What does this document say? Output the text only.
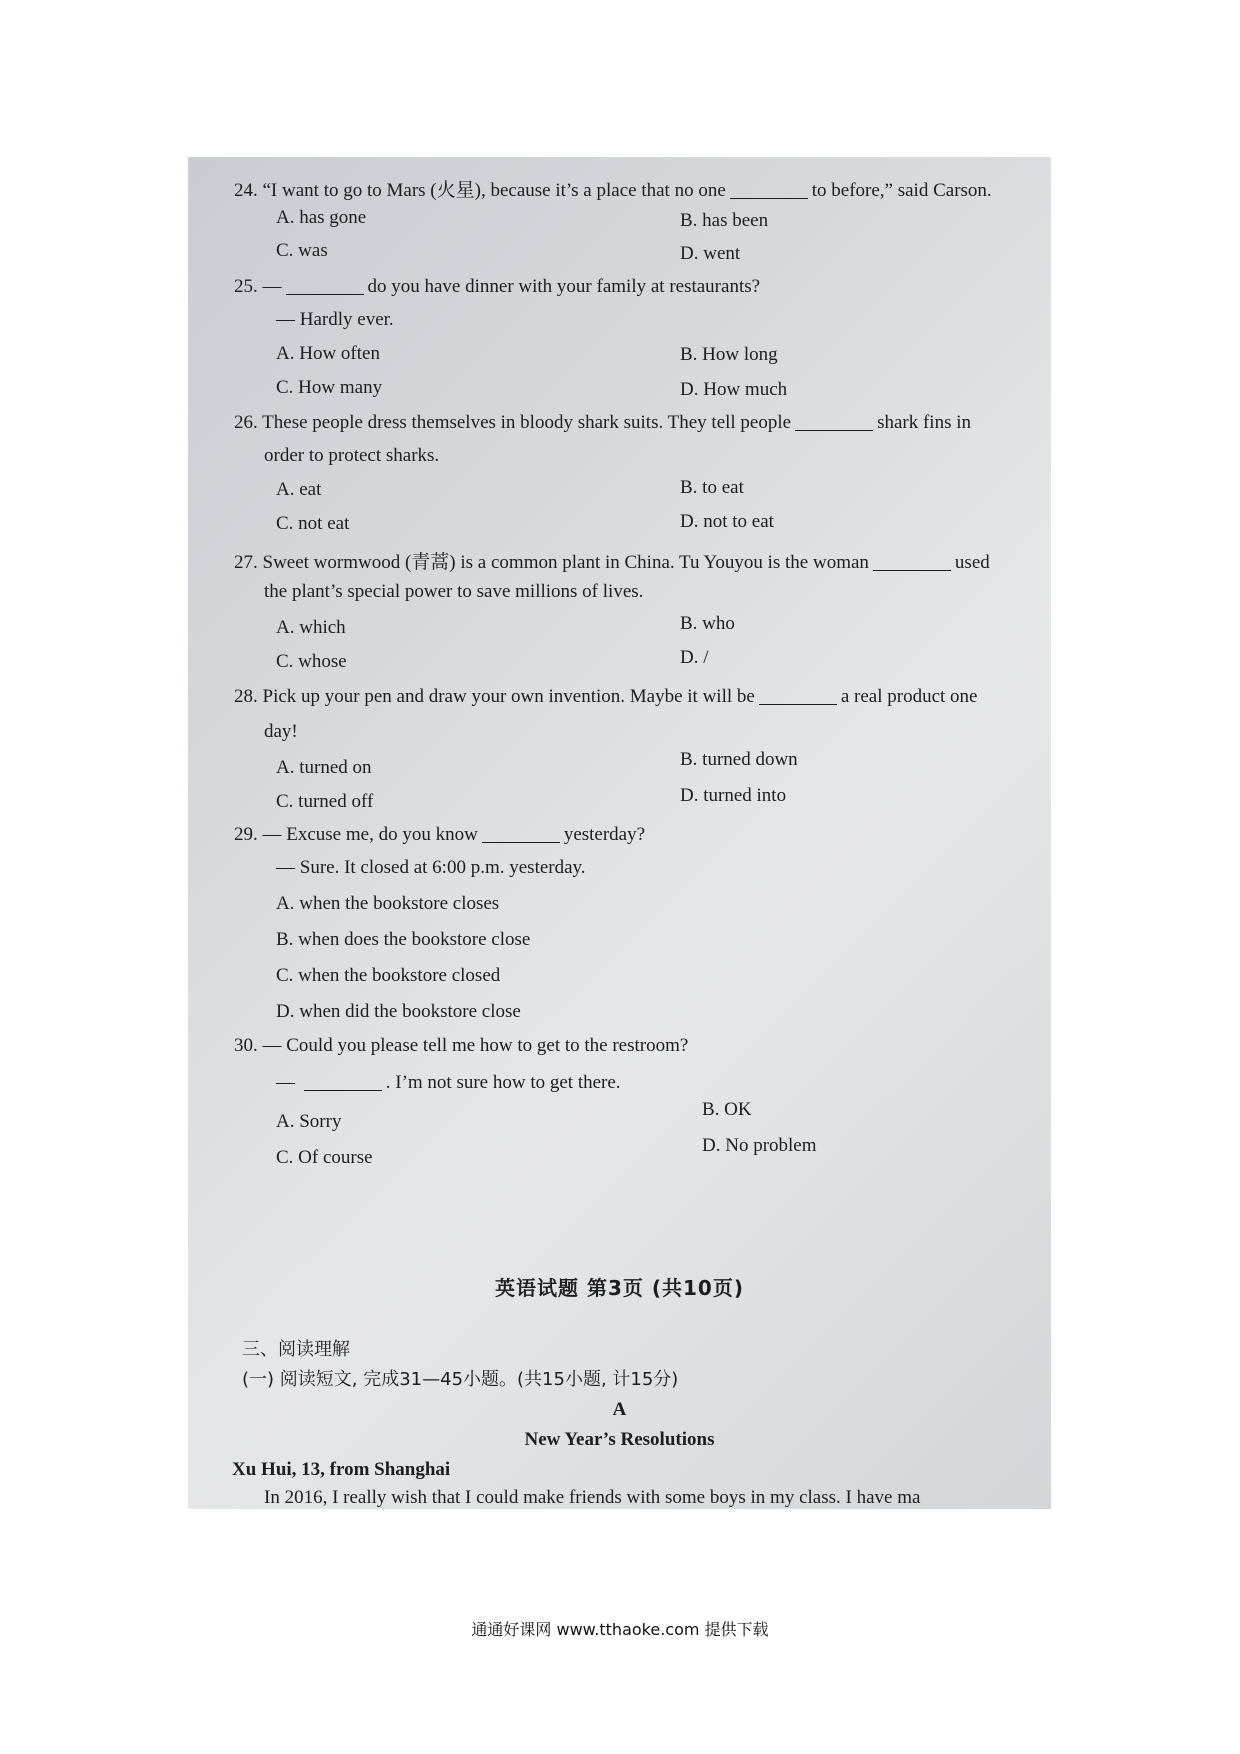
24. “I want to go to Mars (火星), because it’s a place that no one	to before,” said Carson.
A. has gone	B. has been
C. was	D. went
25. —	do you have dinner with your family at restaurants?
— Hardly ever.
A. How often	B. How long
C. How many	D. How much
26. These people dress themselves in bloody shark suits. They tell people	shark fins in
order to protect sharks.
A. eat	B. to eat
C. not eat	D. not to eat
27. Sweet wormwood (青蒿) is a common plant in China. Tu Youyou is the woman	used
the plant’s special power to save millions of lives.
A. which	B. who
C. whose	D. /
28. Pick up your pen and draw your own invention. Maybe it will be	a real product one
day!
A. turned on	B. turned down
C. turned off	D. turned into
29. — Excuse me, do you know	yesterday?
— Sure. It closed at 6:00 p.m. yesterday.
A. when the bookstore closes
B. when does the bookstore close
C. when the bookstore closed
D. when did the bookstore close
30. — Could you please tell me how to get to the restroom?
—	. I’m not sure how to get there.
A. Sorry
B. OK
C. Of course
D. No problem
英语试题 第3页 (共10页)
三、阅读理解
(一) 阅读短文, 完成31—45小题。(共15小题, 计15分)
A
New Year’s Resolutions
Xu Hui, 13, from Shanghai
In 2016, I really wish that I could make friends with some boys in my class. I have ma
通通好课网 www.tthaoke.com 提供下载
